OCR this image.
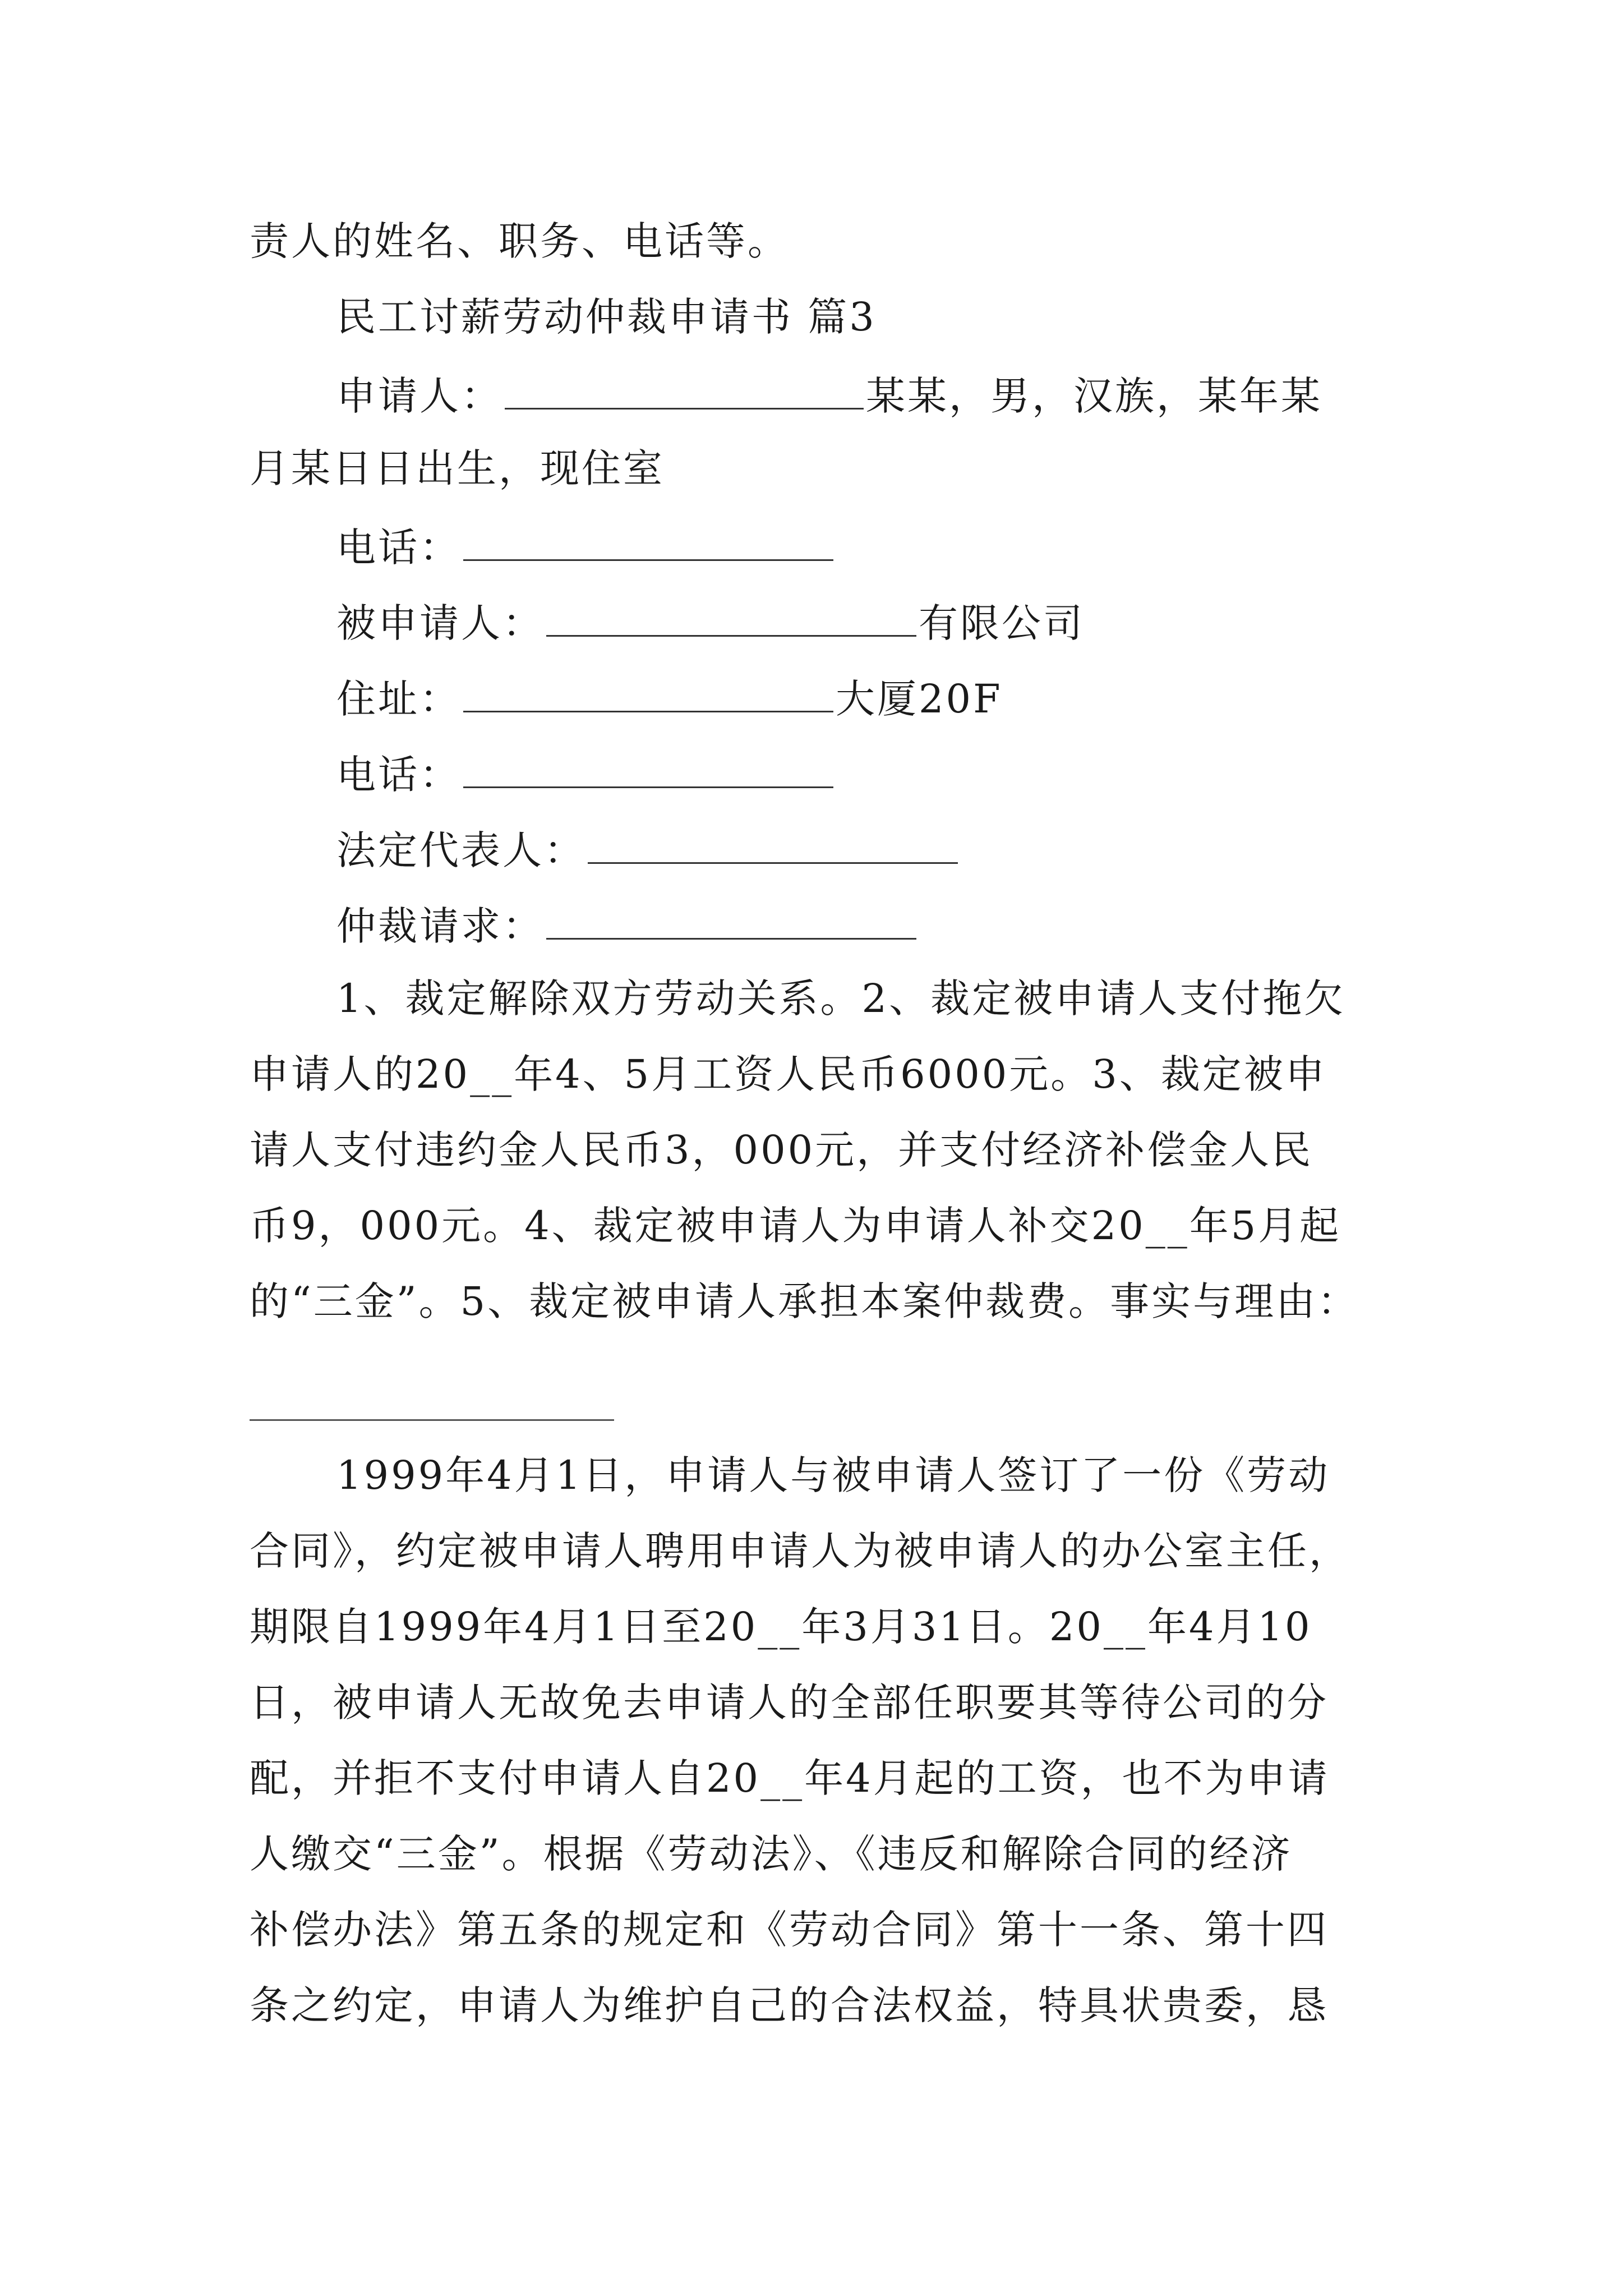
责人的姓名、职务、电话等。
民工讨薪劳动仲裁申请书 篇3
申请人：	某某，男，汉族，某年某
月某日日出生，现住室
电话：
被申请人：	有限公司
住址：	大厦20F
电话：
法定代表人：
仲裁请求：
1、裁定解除双方劳动关系。2、裁定被申请人支付拖欠
申请人的20__年4、5月工资人民币6000元。3、裁定被申
请人支付违约金人民币3，000元，并支付经济补偿金人民
币9，000元。4、裁定被申请人为申请人补交20__年5月起
的“三金”。5、裁定被申请人承担本案仲裁费。事实与理由：
1999年4月1日，申请人与被申请人签订了一份《劳动
合同》，约定被申请人聘用申请人为被申请人的办公室主任，
期限自1999年4月1日至20__年3月31日。20__年4月10
日，被申请人无故免去申请人的全部任职要其等待公司的分
配，并拒不支付申请人自20__年4月起的工资，也不为申请
人缴交“三金”。根据《劳动法》、《违反和解除合同的经济
补偿办法》第五条的规定和《劳动合同》第十一条、第十四
条之约定，申请人为维护自己的合法权益，特具状贵委，恳
